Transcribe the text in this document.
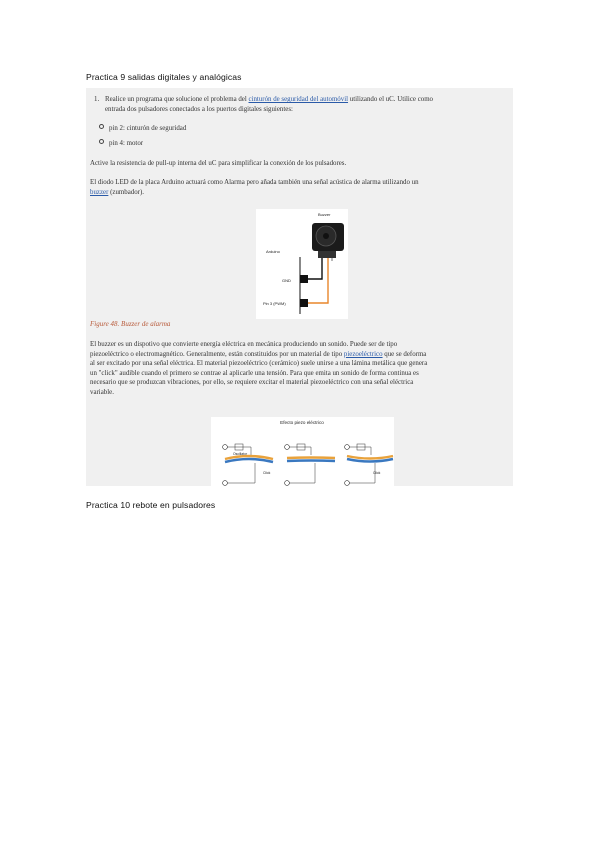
Practica 9 salidas digitales y analógicas
1. Realice un programa que solucione el problema del cinturón de seguridad del automóvil utilizando el uC. Utilice como
entrada dos pulsadores conectados a los puertos digitales siguientes:
pin 2: cinturón de seguridad
pin 4: motor
Active la resistencia de pull-up interna del uC para simplificar la conexión de los pulsadores.
El diodo LED de la placa Arduino actuará como Alarma pero añada también una señal acústica de alarma utilizando un
buzzer (zumbador).
Buzzer
Arduino
GND
Pin 3 (PWM)
Figure 48. Buzzer de alarma
El buzzer es un dispotivo que convierte energía eléctrica en mecánica produciendo un sonido. Puede ser de tipo
piezoeléctrico o electromagnético. Generalmente, están constituidos por un material de tipo piezoeléctrico que se deforma
al ser excitado por una señal eléctrica. El material piezoeléctrico (cerámico) suele unirse a una lámina metálica que genera
un "click" audible cuando el primero se contrae al aplicarle una tensión. Para que emita un sonido de forma continua es
necesario que se produzcan vibraciones, por ello, se requiere excitar el material piezoeléctrico con una señal eléctrica
variable.
Efecto piezo eléctrico
Oscillator
Click	Click
Practica 10 rebote en pulsadores
